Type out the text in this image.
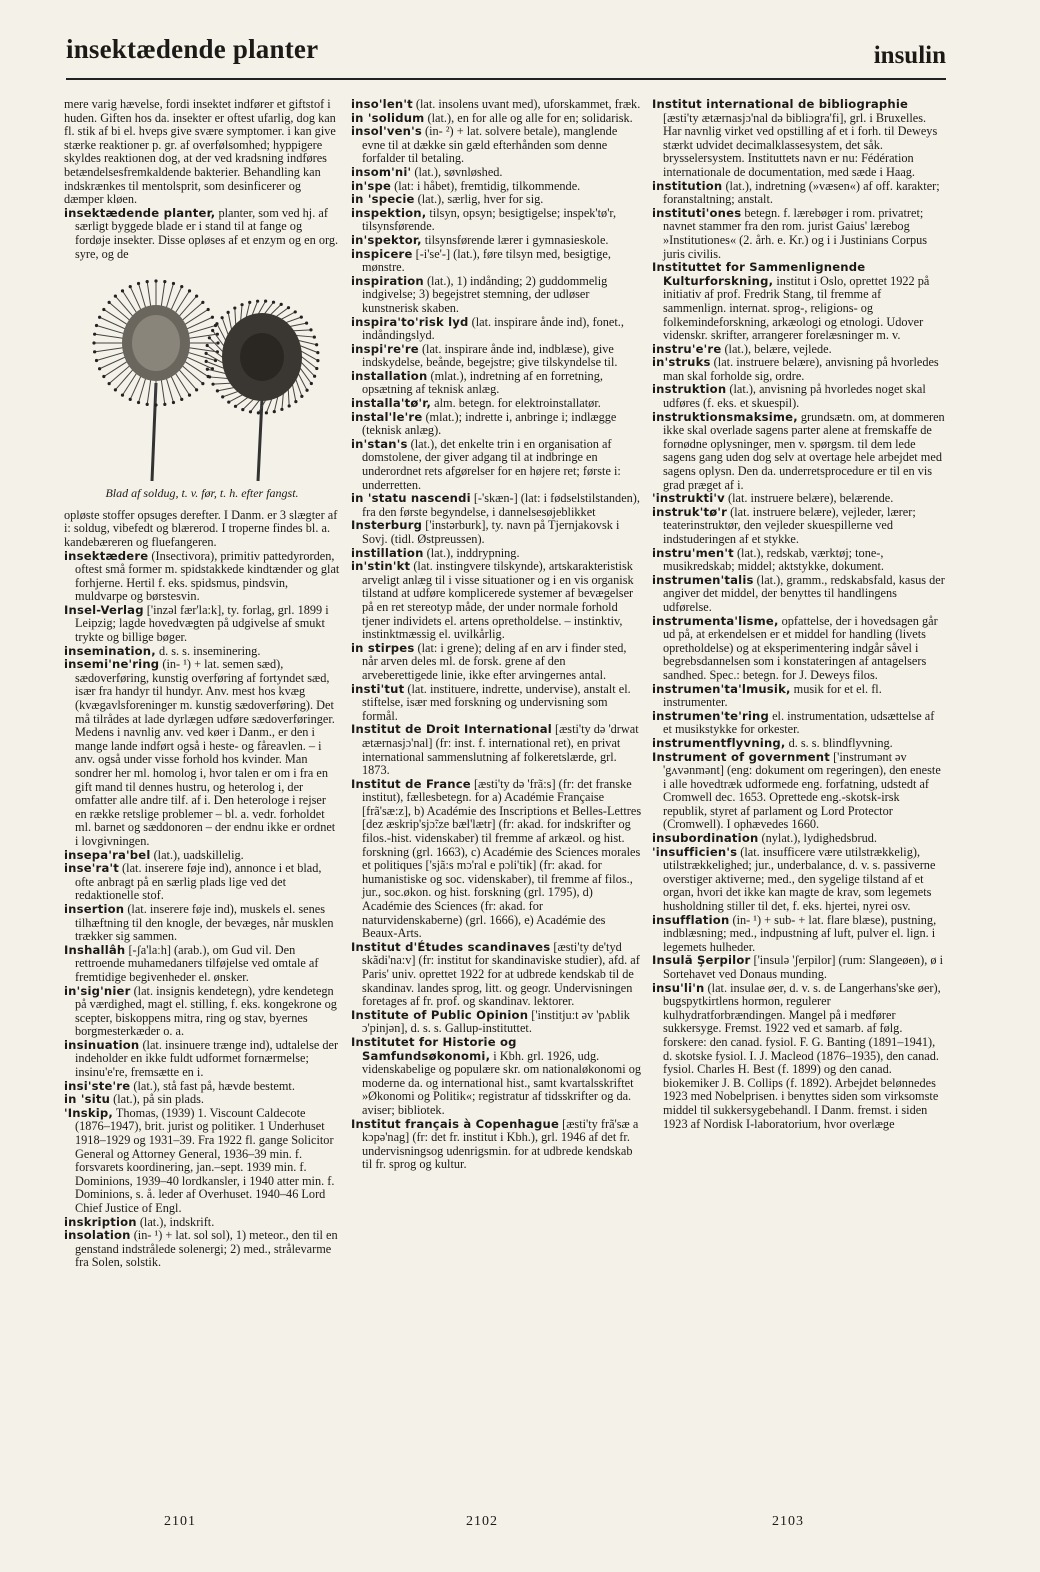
insektædende planter	insulin

mere varig hævelse, fordi insektet indfører et giftstof i huden. Giften hos da. insekter er oftest ufarlig, dog kan fl. stik af bi el. hveps give svære symptomer. i kan give stærke reaktioner p. gr. af overfølsomhed; hyppigere skyldes reaktionen dog, at der ved kradsning indføres betændelsesfremkaldende bakterier. Behandling kan indskrænkes til mentolsprit, som desinficerer og dæmper kløen.

insektædende planter, planter, som ved hj. af særligt byggede blade er i stand til at fange og fordøje insekter. Disse opløses af et enzym og en org. syre, og de

Blad af soldug, t. v. før, t. h. efter fangst.

opløste stoffer opsuges derefter. I Danm. er 3 slægter af i: soldug, vibefedt og blærerod. I troperne findes bl. a. kandebæreren og fluefangeren.

insektædere (Insectivora), primitiv pattedyrorden, oftest små former m. spidstakkede kindtænder og glat forhjerne. Hertil f. eks. spidsmus, pindsvin, muldvarpe og børstesvin.

Insel-Verlag ['inzəl fær'la:k], ty. forlag, grl. 1899 i Leipzig; lagde hovedvægten på udgivelse af smukt trykte og billige bøger.

insemination, d. s. s. inseminering.

insemi'ne'ring (in- ¹) + lat. semen sæd), sædoverføring, kunstig overføring af fortyndet sæd, især fra handyr til hundyr. Anv. mest hos kvæg (kvægavlsforeninger m. kunstig sædoverføring). Det må tilrådes at lade dyrlægen udføre sædoverføringer. Medens i navnlig anv. ved køer i Danm., er den i mange lande indført også i heste- og fåreavlen. – i anv. også under visse forhold hos kvinder. Man sondrer her ml. homolog i, hvor talen er om i fra en gift mand til dennes hustru, og heterolog i, der omfatter alle andre tilf. af i. Den heterologe i rejser en række retslige problemer – bl. a. vedr. forholdet ml. barnet og sæddonoren – der endnu ikke er ordnet i lovgivningen.

insepa'ra'bel (lat.), uadskillelig.

inse'ra't (lat. inserere føje ind), annonce i et blad, ofte anbragt på en særlig plads lige ved det redaktionelle stof.

insertion (lat. inserere føje ind), muskels el. senes tilhæftning til den knogle, der bevæges, når musklen trækker sig sammen.

Inshallâh [-ʃa'laːh] (arab.), om Gud vil. Den rettroende muhamedaners tilføjelse ved omtale af fremtidige begivenheder el. ønsker.

in'sig'nier (lat. insignis kendetegn), ydre kendetegn på værdighed, magt el. stilling, f. eks. kongekrone og scepter, biskoppens mitra, ring og stav, byernes borgmesterkæder o. a.

insinuation (lat. insinuere trænge ind), udtalelse der indeholder en ikke fuldt udformet fornærmelse; insinu'e're, fremsætte en i.

insi'ste're (lat.), stå fast på, hævde bestemt.

in 'situ (lat.), på sin plads.

'Inskip, Thomas, (1939) 1. Viscount Caldecote (1876–1947), brit. jurist og politiker. 1 Underhuset 1918–1929 og 1931–39. Fra 1922 fl. gange Solicitor General og Attorney General, 1936–39 min. f. forsvarets koordinering, jan.–sept. 1939 min. f. Dominions, 1939–40 lordkansler, i 1940 atter min. f. Dominions, s. å. leder af Overhuset. 1940–46 Lord Chief Justice of Engl.

inskription (lat.), indskrift.

insolation (in- ¹) + lat. sol sol), 1) meteor., den til en genstand indstrålede solenergi; 2) med., strålevarme fra Solen, solstik.

inso'len't (lat. insolens uvant med), uforskammet, fræk.

in 'solidum (lat.), en for alle og alle for en; solidarisk.

insol'ven's (in- ²) + lat. solvere betale), manglende evne til at dække sin gæld efterhånden som denne forfalder til betaling.

insom'ni' (lat.), søvnløshed.

in'spe (lat: i håbet), fremtidig, tilkommende.

in 'specie (lat.), særlig, hver for sig.

inspektion, tilsyn, opsyn; besigtigelse; inspek'tø'r, tilsynsførende.

in'spektor, tilsynsførende lærer i gymnasieskole.

inspicere [-i'se'-] (lat.), føre tilsyn med, besigtige, mønstre.

inspiration (lat.), 1) indånding; 2) guddommelig indgivelse; 3) begejstret stemning, der udløser kunstnerisk skaben.

inspira'to'risk lyd (lat. inspirare ånde ind), fonet., indåndingslyd.

inspi're're (lat. inspirare ånde ind, indblæse), give indskydelse, beånde, begejstre; give tilskyndelse til.

installation (mlat.), indretning af en forretning, opsætning af teknisk anlæg.

installa'tø'r, alm. betegn. for elektroinstallatør.

instal'le're (mlat.); indrette i, anbringe i; indlægge (teknisk anlæg).

in'stan's (lat.), det enkelte trin i en organisation af domstolene, der giver adgang til at indbringe en underordnet rets afgørelser for en højere ret; første i: underretten.

in 'statu nascendi [-'skæn-] (lat: i fødselstilstanden), fra den første begyndelse, i dannelsesøjeblikket

Insterburg ['instərburk], ty. navn på Tjernjakovsk i Sovj. (tidl. Østpreussen).

instillation (lat.), inddrypning.

in'stin'kt (lat. instingvere tilskynde), artskarakteristisk arveligt anlæg til i visse situationer og i en vis organisk tilstand at udføre komplicerede systemer af bevægelser på en ret stereotyp måde, der under normale forhold tjener individets el. artens opretholdelse. – instinktiv, instinktmæssig el. uvilkårlig.

in stirpes (lat: i grene); deling af en arv i finder sted, når arven deles ml. de forsk. grene af den arveberettigede linie, ikke efter arvingernes antal.

insti'tut (lat. instituere, indrette, undervise), anstalt el. stiftelse, især med forskning og undervisning som formål.

Institut de Droit International [æsti'ty də 'drwat ætærnasjɔ'nal] (fr: inst. f. international ret), en privat international sammenslutning af folkeretslærde, grl. 1873.

Institut de France [æsti'ty də 'frã:s] (fr: det franske institut), fællesbetegn. for a) Académie Française [frã'sæ:z], b) Académie des Inscriptions et Belles-Lettres [dez æskrip'sjɔ̃:ze bæl'lætr] (fr: akad. for indskrifter og filos.-hist. videnskaber) til fremme af arkæol. og hist. forskning (grl. 1663), c) Académie des Sciences morales et politiques ['sjã:s mɔ'ral e pɔli'tik] (fr: akad. for humanistiske og soc. videnskaber), til fremme af filos., jur., soc.økon. og hist. forskning (grl. 1795), d) Académie des Sciences (fr: akad. for naturvidenskaberne) (grl. 1666), e) Académie des Beaux-Arts.

Institut d'Études scandinaves [æsti'ty de'tyd skãdi'na:v] (fr: institut for skandinaviske studier), afd. af Paris' univ. oprettet 1922 for at udbrede kendskab til de skandinav. landes sprog, litt. og geogr. Undervisningen foretages af fr. prof. og skandinav. lektorer.

Institute of Public Opinion ['institju:t əv 'pʌblik ɔ'pinjən], d. s. s. Gallup-instituttet.

Institutet for Historie og Samfundsøkonomi, i Kbh. grl. 1926, udg. videnskabelige og populære skr. om nationaløkonomi og moderne da. og international hist., samt kvartalsskriftet »Økonomi og Politik«; registratur af tidsskrifter og da. aviser; bibliotek.

Institut français à Copenhague [æsti'ty frã'sæ a kɔpə'nag] (fr: det fr. institut i Kbh.), grl. 1946 af det fr. undervisningsog udenrigsmin. for at udbrede kendskab til fr. sprog og kultur.

Institut international de bibliographie [æsti'ty ætærnasjɔ'nal də bibliɔgra'fi], grl. i Bruxelles. Har navnlig virket ved opstilling af et i forh. til Deweys stærkt udvidet decimalklassesystem, det såk. brysselersystem. Instituttets navn er nu: Fédération internationale de documentation, med sæde i Haag.

institution (lat.), indretning (»væsen«) af off. karakter; foranstaltning; anstalt.

instituti'ones betegn. f. lærebøger i rom. privatret; navnet stammer fra den rom. jurist Gaius' lærebog »Institutiones« (2. årh. e. Kr.) og i i Justinians Corpus juris civilis.

Instituttet for Sammenlignende Kulturforskning, institut i Oslo, oprettet 1922 på initiativ af prof. Fredrik Stang, til fremme af sammenlign. internat. sprog-, religions- og folkemindeforskning, arkæologi og etnologi. Udover videnskr. skrifter, arrangerer forelæsninger m. v.

instru'e're (lat.), belære, vejlede.

in'struks (lat. instruere belære), anvisning på hvorledes man skal forholde sig, ordre.

instruktion (lat.), anvisning på hvorledes noget skal udføres (f. eks. et skuespil).

instruktionsmaksime, grundsætn. om, at dommeren ikke skal overlade sagens parter alene at fremskaffe de fornødne oplysninger, men v. spørgsm. til dem lede sagens gang uden dog selv at overtage hele arbejdet med sagens oplysn. Den da. underretsprocedure er til en vis grad præget af i.

'instrukti'v (lat. instruere belære), belærende.

instruk'tø'r (lat. instruere belære), vejleder, lærer; teaterinstruktør, den vejleder skuespillerne ved indstuderingen af et stykke.

instru'men't (lat.), redskab, værktøj; tone-, musikredskab; middel; aktstykke, dokument.

instrumen'talis (lat.), gramm., redskabsfald, kasus der angiver det middel, der benyttes til handlingens udførelse.

instrumenta'lisme, opfattelse, der i hovedsagen går ud på, at erkendelsen er et middel for handling (livets opretholdelse) og at eksperimentering indgår såvel i begrebsdannelsen som i konstateringen af antagelsers sandhed. Spec.: betegn. for J. Deweys filos.

instrumen'ta'lmusik, musik for et el. fl. instrumenter.

instrumen'te'ring el. instrumentation, udsættelse af et musikstykke for orkester.

instrumentflyvning, d. s. s. blindflyvning.

Instrument of government ['instrumənt əv 'gʌvənmənt] (eng: dokument om regeringen), den eneste i alle hovedtræk udformede eng. forfatning, udstedt af Cromwell dec. 1653. Oprettede eng.-skotsk-irsk republik, styret af parlament og Lord Protector (Cromwell). I ophævedes 1660.

insubordination (nylat.), lydighedsbrud.

'insufficien's (lat. insufficere være utilstrækkelig), utilstrækkelighed; jur., underbalance, d. v. s. passiverne overstiger aktiverne; med., den sygelige tilstand af et organ, hvori det ikke kan magte de krav, som legemets husholdning stiller til det, f. eks. hjertei, nyrei osv.

insufflation (in- ¹) + sub- + lat. flare blæse), pustning, indblæsning; med., indpustning af luft, pulver el. lign. i legemets hulheder.

Insulă Şerpilor ['insulə 'ʃerpilor] (rum: Slangeøen), ø i Sortehavet ved Donaus munding.

insu'li'n (lat. insulae øer, d. v. s. de Langerhans'ske øer), bugspytkirtlens hormon, regulerer kulhydratforbrændingen. Mangel på i medfører sukkersyge. Fremst. 1922 ved et samarb. af følg. forskere: den canad. fysiol. F. G. Banting (1891–1941), d. skotske fysiol. I. J. Macleod (1876–1935), den canad. fysiol. Charles H. Best (f. 1899) og den canad. biokemiker J. B. Collips (f. 1892). Arbejdet belønnedes 1923 med Nobelprisen. i benyttes siden som virksomste middel til sukkersygebehandl. I Danm. fremst. i siden 1923 af Nordisk I-laboratorium, hvor overlæge

2101	2102	2103
